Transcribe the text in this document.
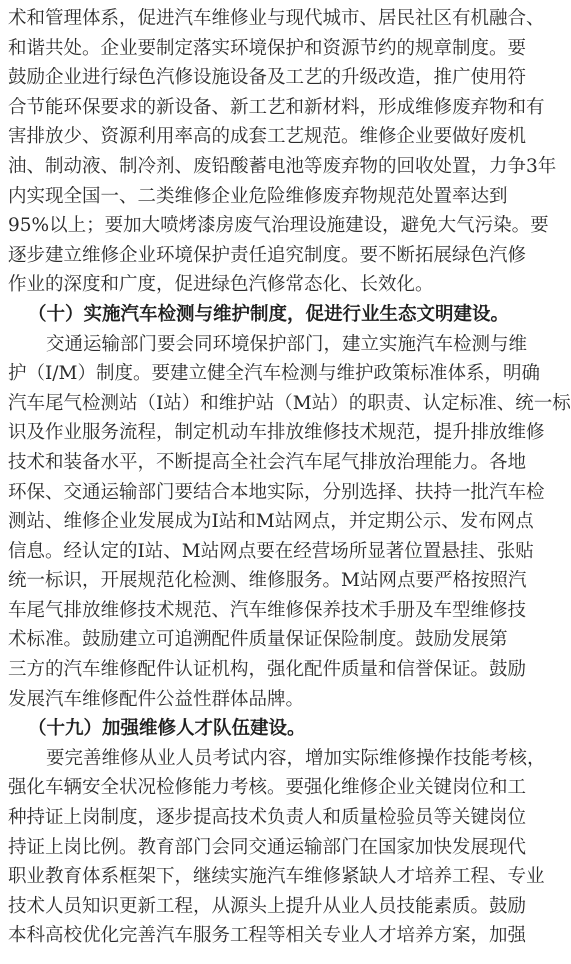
术和管理体系，促进汽车维修业与现代城市、居民社区有机融合、
和谐共处。企业要制定落实环境保护和资源节约的规章制度。要
鼓励企业进行绿色汽修设施设备及工艺的升级改造，推广使用符
合节能环保要求的新设备、新工艺和新材料，形成维修废弃物和有
害排放少、资源利用率高的成套工艺规范。维修企业要做好废机
油、制动液、制冷剂、废铅酸蓄电池等废弃物的回收处置，力争3年
内实现全国一、二类维修企业危险维修废弃物规范处置率达到
95%以上；要加大喷烤漆房废气治理设施建设，避免大气污染。要
逐步建立维修企业环境保护责任追究制度。要不断拓展绿色汽修
作业的深度和广度，促进绿色汽修常态化、长效化。
（十）实施汽车检测与维护制度，促进行业生态文明建设。
交通运输部门要会同环境保护部门，建立实施汽车检测与维
护（I/M）制度。要建立健全汽车检测与维护政策标准体系，明确
汽车尾气检测站（I站）和维护站（M站）的职责、认定标准、统一标
识及作业服务流程，制定机动车排放维修技术规范，提升排放维修
技术和装备水平，不断提高全社会汽车尾气排放治理能力。各地
环保、交通运输部门要结合本地实际，分别选择、扶持一批汽车检
测站、维修企业发展成为I站和M站网点，并定期公示、发布网点
信息。经认定的I站、M站网点要在经营场所显著位置悬挂、张贴
统一标识，开展规范化检测、维修服务。M站网点要严格按照汽
车尾气排放维修技术规范、汽车维修保养技术手册及车型维修技
术标准。鼓励建立可追溯配件质量保证保险制度。鼓励发展第
三方的汽车维修配件认证机构，强化配件质量和信誉保证。鼓励
发展汽车维修配件公益性群体品牌。
（十九）加强维修人才队伍建设。
要完善维修从业人员考试内容，增加实际维修操作技能考核，
强化车辆安全状况检修能力考核。要强化维修企业关键岗位和工
种持证上岗制度，逐步提高技术负责人和质量检验员等关键岗位
持证上岗比例。教育部门会同交通运输部门在国家加快发展现代
职业教育体系框架下，继续实施汽车维修紧缺人才培养工程、专业
技术人员知识更新工程，从源头上提升从业人员技能素质。鼓励
本科高校优化完善汽车服务工程等相关专业人才培养方案，加强
